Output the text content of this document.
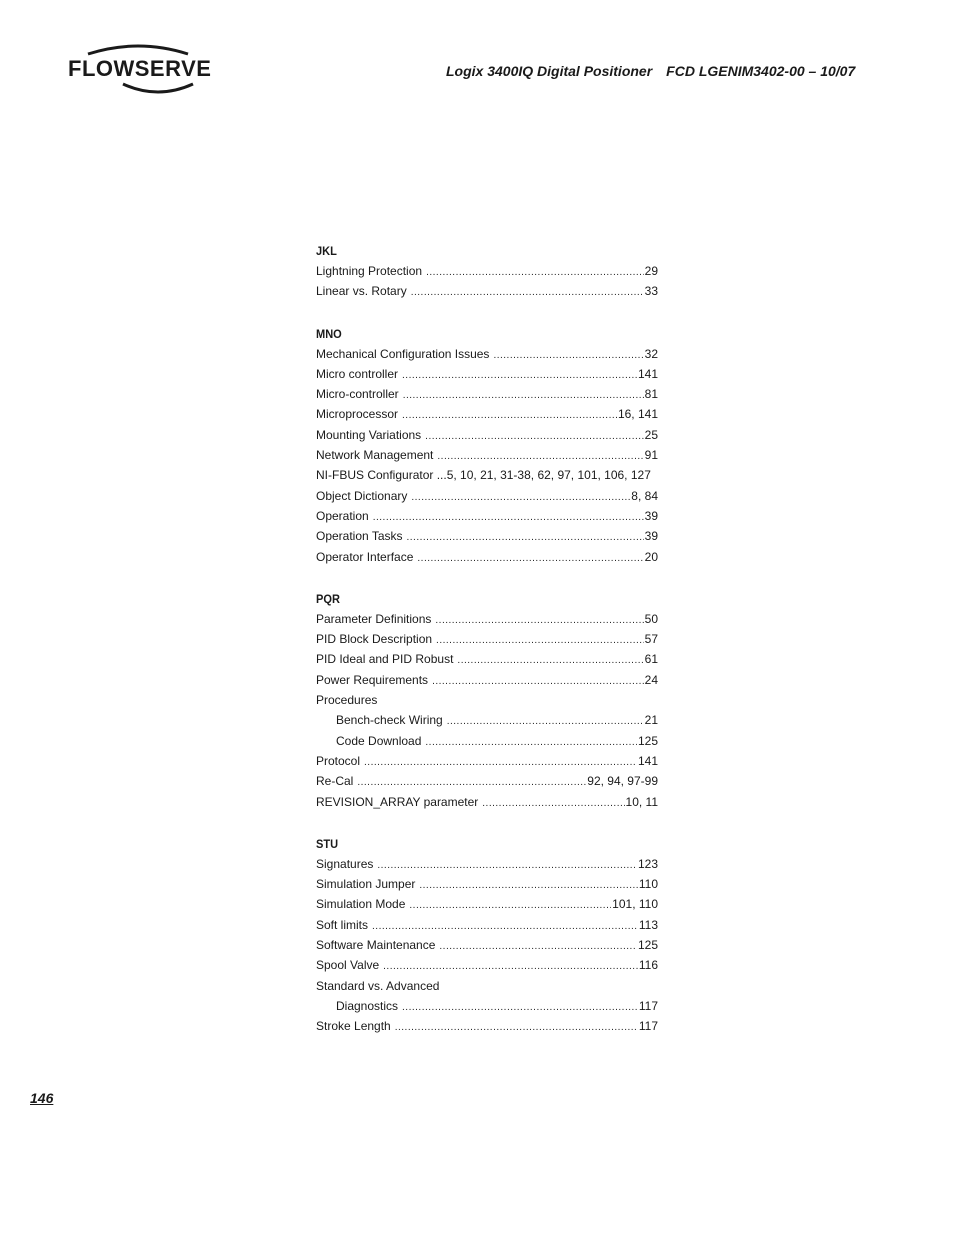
FLOWSERVE	Logix 3400IQ Digital Positioner FCD LGENIM3402-00 – 10/07
JKL
Lightning Protection .....	29
Linear vs. Rotary .....	33
MNO
Mechanical Configuration Issues .....	32
Micro controller .....	141
Micro-controller .....	81
Microprocessor .....	16, 141
Mounting Variations .....	25
Network Management .....	91
NI-FBUS Configurator ...5, 10, 21, 31-38, 62, 97, 101, 106, 127
Object Dictionary .....	8, 84
Operation .....	39
Operation Tasks .....	39
Operator Interface .....	20
PQR
Parameter Definitions .....	50
PID Block Description .....	57
PID Ideal and PID Robust .....	61
Power Requirements .....	24
Procedures
Bench-check Wiring .....	21
Code Download .....	125
Protocol .....	141
Re-Cal .....	92, 94, 97-99
REVISION_ARRAY parameter .....	10, 11
STU
Signatures .....	123
Simulation Jumper .....	110
Simulation Mode .....	101, 110
Soft limits .....	113
Software Maintenance .....	125
Spool Valve .....	116
Standard vs. Advanced
Diagnostics .....	117
Stroke Length .....	117
146
